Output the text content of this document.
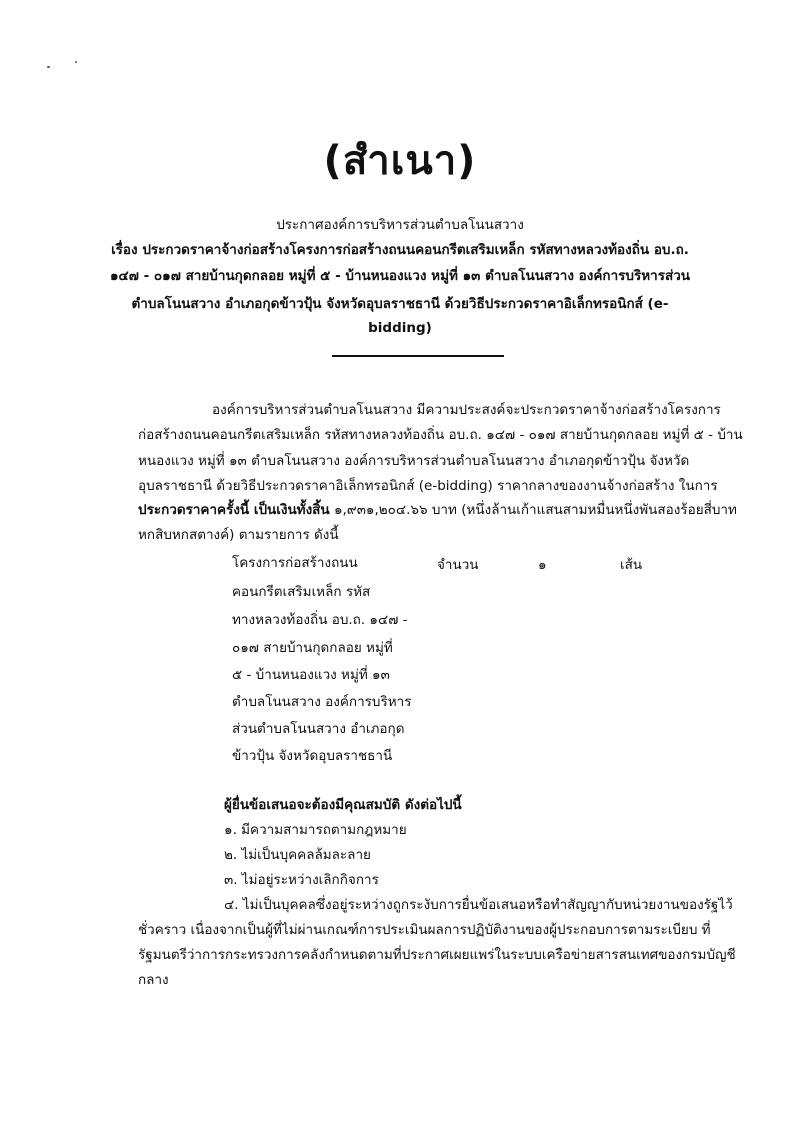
(สำเนา)
ประกาศองค์การบริหารส่วนตำบลโนนสวาง
เรื่อง ประกวดราคาจ้างก่อสร้างโครงการก่อสร้างถนนคอนกรีตเสริมเหล็ก รหัสทางหลวงท้องถิ่น อบ.ถ.
๑๔๗ - ๐๑๗ สายบ้านกุดกลอย หมู่ที่ ๕ - บ้านหนองแวง หมู่ที่ ๑๓ ตำบลโนนสวาง องค์การบริหารส่วน
ตำบลโนนสวาง อำเภอกุดข้าวปุ้น จังหวัดอุบลราชธานี ด้วยวิธีประกวดราคาอิเล็กทรอนิกส์ (e-bidding)
องค์การบริหารส่วนตำบลโนนสวาง มีความประสงค์จะประกวดราคาจ้างก่อสร้างโครงการ
ก่อสร้างถนนคอนกรีตเสริมเหล็ก รหัสทางหลวงท้องถิ่น อบ.ถ. ๑๔๗ - ๐๑๗ สายบ้านกุดกลอย หมู่ที่ ๕ - บ้าน
หนองแวง หมู่ที่ ๑๓ ตำบลโนนสวาง องค์การบริหารส่วนตำบลโนนสวาง อำเภอกุดข้าวปุ้น จังหวัด
อุบลราชธานี ด้วยวิธีประกวดราคาอิเล็กทรอนิกส์ (e-bidding) ราคากลางของงานจ้างก่อสร้าง ในการ
ประกวดราคาครั้งนี้ เป็นเงินทั้งสิ้น ๑,๙๓๑,๒๐๔.๖๖ บาท (หนึ่งล้านเก้าแสนสามหมื่นหนึ่งพันสองร้อยสี่บาท
หกสิบหกสตางค์) ตามรายการ ดังนี้
โครงการก่อสร้างถนน
คอนกรีตเสริมเหล็ก รหัส
ทางหลวงท้องถิ่น อบ.ถ. ๑๔๗ -
๐๑๗ สายบ้านกุดกลอย หมู่ที่
๕ - บ้านหนองแวง หมู่ที่ ๑๓
ตำบลโนนสวาง องค์การบริหาร
ส่วนตำบลโนนสวาง อำเภอกุด
ข้าวปุ้น จังหวัดอุบลราชธานี
จำนวน	๑	เส้น
ผู้ยื่นข้อเสนอจะต้องมีคุณสมบัติ ดังต่อไปนี้
๑. มีความสามารถตามกฎหมาย
๒. ไม่เป็นบุคคลล้มละลาย
๓. ไม่อยู่ระหว่างเลิกกิจการ
๔. ไม่เป็นบุคคลซึ่งอยู่ระหว่างถูกระงับการยื่นข้อเสนอหรือทำสัญญากับหน่วยงานของรัฐไว้
ชั่วคราว เนื่องจากเป็นผู้ที่ไม่ผ่านเกณฑ์การประเมินผลการปฏิบัติงานของผู้ประกอบการตามระเบียบ ที่
รัฐมนตรีว่าการกระทรวงการคลังกำหนดตามที่ประกาศเผยแพร่ในระบบเครือข่ายสารสนเทศของกรมบัญชี
กลาง
